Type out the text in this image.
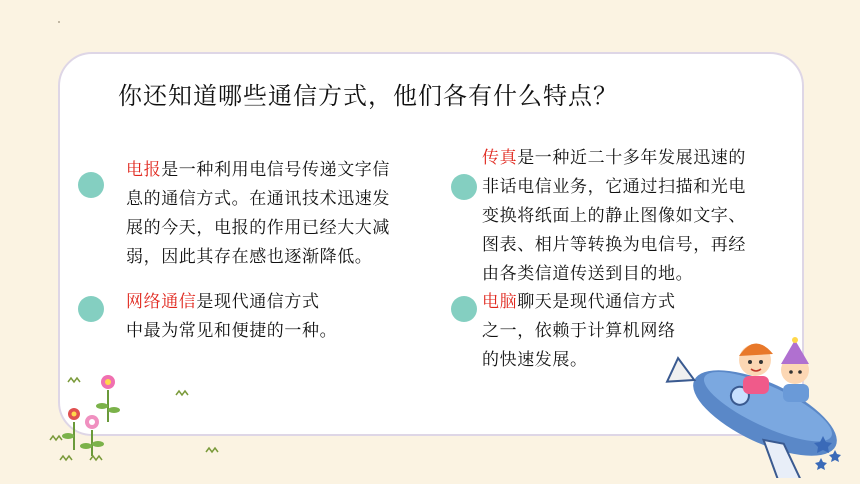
你还知道哪些通信方式，他们各有什么特点？
电报是一种利用电信号传递文字信
息的通信方式。在通讯技术迅速发
展的今天，电报的作用已经大大减
弱，因此其存在感也逐渐降低。
传真是一种近二十多年发展迅速的
非话电信业务，它通过扫描和光电
变换将纸面上的静止图像如文字、
图表、相片等转换为电信号，再经
由各类信道传送到目的地。
网络通信是现代通信方式
中最为常见和便捷的一种。
电脑聊天是现代通信方式
之一，依赖于计算机网络
的快速发展。
